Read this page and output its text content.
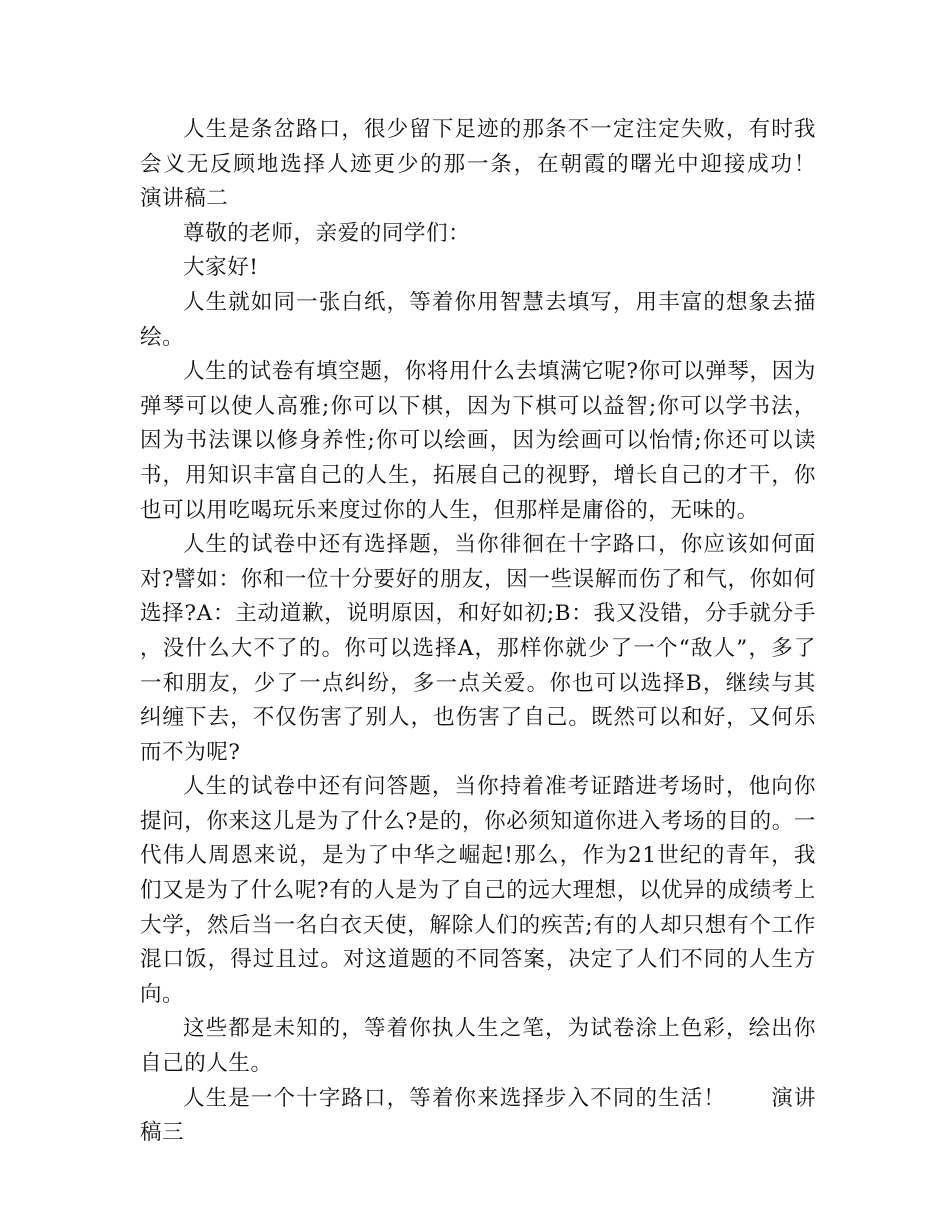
人生是条岔路口，很少留下足迹的那条不一定注定失败，有时我会义无反顾地选择人迹更少的那一条，在朝霞的曙光中迎接成功！　　演讲稿二

尊敬的老师，亲爱的同学们：

大家好!

人生就如同一张白纸，等着你用智慧去填写，用丰富的想象去描绘。

人生的试卷有填空题，你将用什么去填满它呢?你可以弹琴，因为弹琴可以使人高雅;你可以下棋，因为下棋可以益智;你可以学书法，因为书法课以修身养性;你可以绘画，因为绘画可以怡情;你还可以读书，用知识丰富自己的人生，拓展自己的视野，增长自己的才干，你也可以用吃喝玩乐来度过你的人生，但那样是庸俗的，无味的。

人生的试卷中还有选择题，当你徘徊在十字路口，你应该如何面对?譬如：你和一位十分要好的朋友，因一些误解而伤了和气，你如何选择?A：主动道歉，说明原因，和好如初;B：我又没错，分手就分手，没什么大不了的。你可以选择A，那样你就少了一个“敌人”，多了一和朋友，少了一点纠纷，多一点关爱。你也可以选择B，继续与其纠缠下去，不仅伤害了别人，也伤害了自己。既然可以和好，又何乐而不为呢?

人生的试卷中还有问答题，当你持着准考证踏进考场时，他向你提问，你来这儿是为了什么?是的，你必须知道你进入考场的目的。一代伟人周恩来说，是为了中华之崛起!那么，作为21世纪的青年，我们又是为了什么呢?有的人是为了自己的远大理想，以优异的成绩考上大学，然后当一名白衣天使，解除人们的疾苦;有的人却只想有个工作混口饭，得过且过。对这道题的不同答案，决定了人们不同的人生方向。

这些都是未知的，等着你执人生之笔，为试卷涂上色彩，绘出你自己的人生。

人生是一个十字路口，等着你来选择步入不同的生活！　　演讲稿三
